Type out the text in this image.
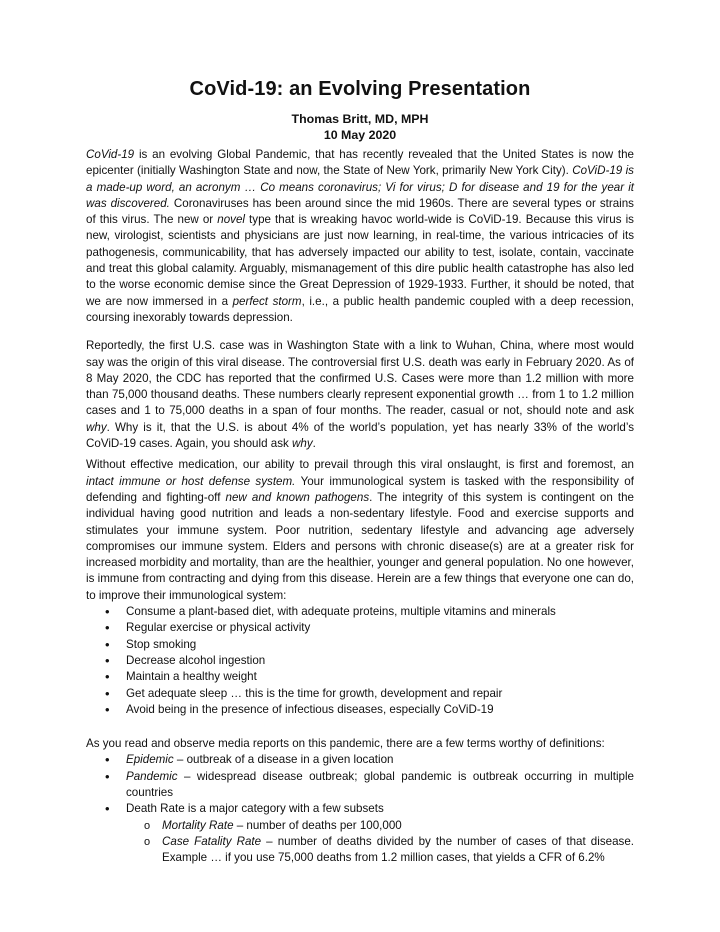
CoVid-19: an Evolving Presentation
Thomas Britt, MD, MPH
10 May 2020

CoVid-19 is an evolving Global Pandemic, that has recently revealed that the United States is now the epicenter (initially Washington State and now, the State of New York, primarily New York City). CoViD-19 is a made-up word, an acronym … Co means coronavirus; Vi for virus; D for disease and 19 for the year it was discovered. Coronaviruses has been around since the mid 1960s. There are several types or strains of this virus. The new or novel type that is wreaking havoc world-wide is CoViD-19. Because this virus is new, virologist, scientists and physicians are just now learning, in real-time, the various intricacies of its pathogenesis, communicability, that has adversely impacted our ability to test, isolate, contain, vaccinate and treat this global calamity. Arguably, mismanagement of this dire public health catastrophe has also led to the worse economic demise since the Great Depression of 1929-1933. Further, it should be noted, that we are now immersed in a perfect storm, i.e., a public health pandemic coupled with a deep recession, coursing inexorably towards depression.

Reportedly, the first U.S. case was in Washington State with a link to Wuhan, China, where most would say was the origin of this viral disease. The controversial first U.S. death was early in February 2020. As of 8 May 2020, the CDC has reported that the confirmed U.S. Cases were more than 1.2 million with more than 75,000 thousand deaths. These numbers clearly represent exponential growth … from 1 to 1.2 million cases and 1 to 75,000 deaths in a span of four months. The reader, casual or not, should note and ask why. Why is it, that the U.S. is about 4% of the world’s population, yet has nearly 33% of the world’s CoViD-19 cases. Again, you should ask why.

Without effective medication, our ability to prevail through this viral onslaught, is first and foremost, an intact immune or host defense system. Your immunological system is tasked with the responsibility of defending and fighting-off new and known pathogens. The integrity of this system is contingent on the individual having good nutrition and leads a non-sedentary lifestyle. Food and exercise supports and stimulates your immune system. Poor nutrition, sedentary lifestyle and advancing age adversely compromises our immune system. Elders and persons with chronic disease(s) are at a greater risk for increased morbidity and mortality, than are the healthier, younger and general population. No one however, is immune from contracting and dying from this disease. Herein are a few things that everyone one can do, to improve their immunological system:

• Consume a plant-based diet, with adequate proteins, multiple vitamins and minerals
• Regular exercise or physical activity
• Stop smoking
• Decrease alcohol ingestion
• Maintain a healthy weight
• Get adequate sleep … this is the time for growth, development and repair
• Avoid being in the presence of infectious diseases, especially CoViD-19

As you read and observe media reports on this pandemic, there are a few terms worthy of definitions:

• Epidemic – outbreak of a disease in a given location
• Pandemic – widespread disease outbreak; global pandemic is outbreak occurring in multiple countries
• Death Rate is a major category with a few subsets
o Mortality Rate – number of deaths per 100,000
o Case Fatality Rate – number of deaths divided by the number of cases of that disease. Example … if you use 75,000 deaths from 1.2 million cases, that yields a CFR of 6.2%
